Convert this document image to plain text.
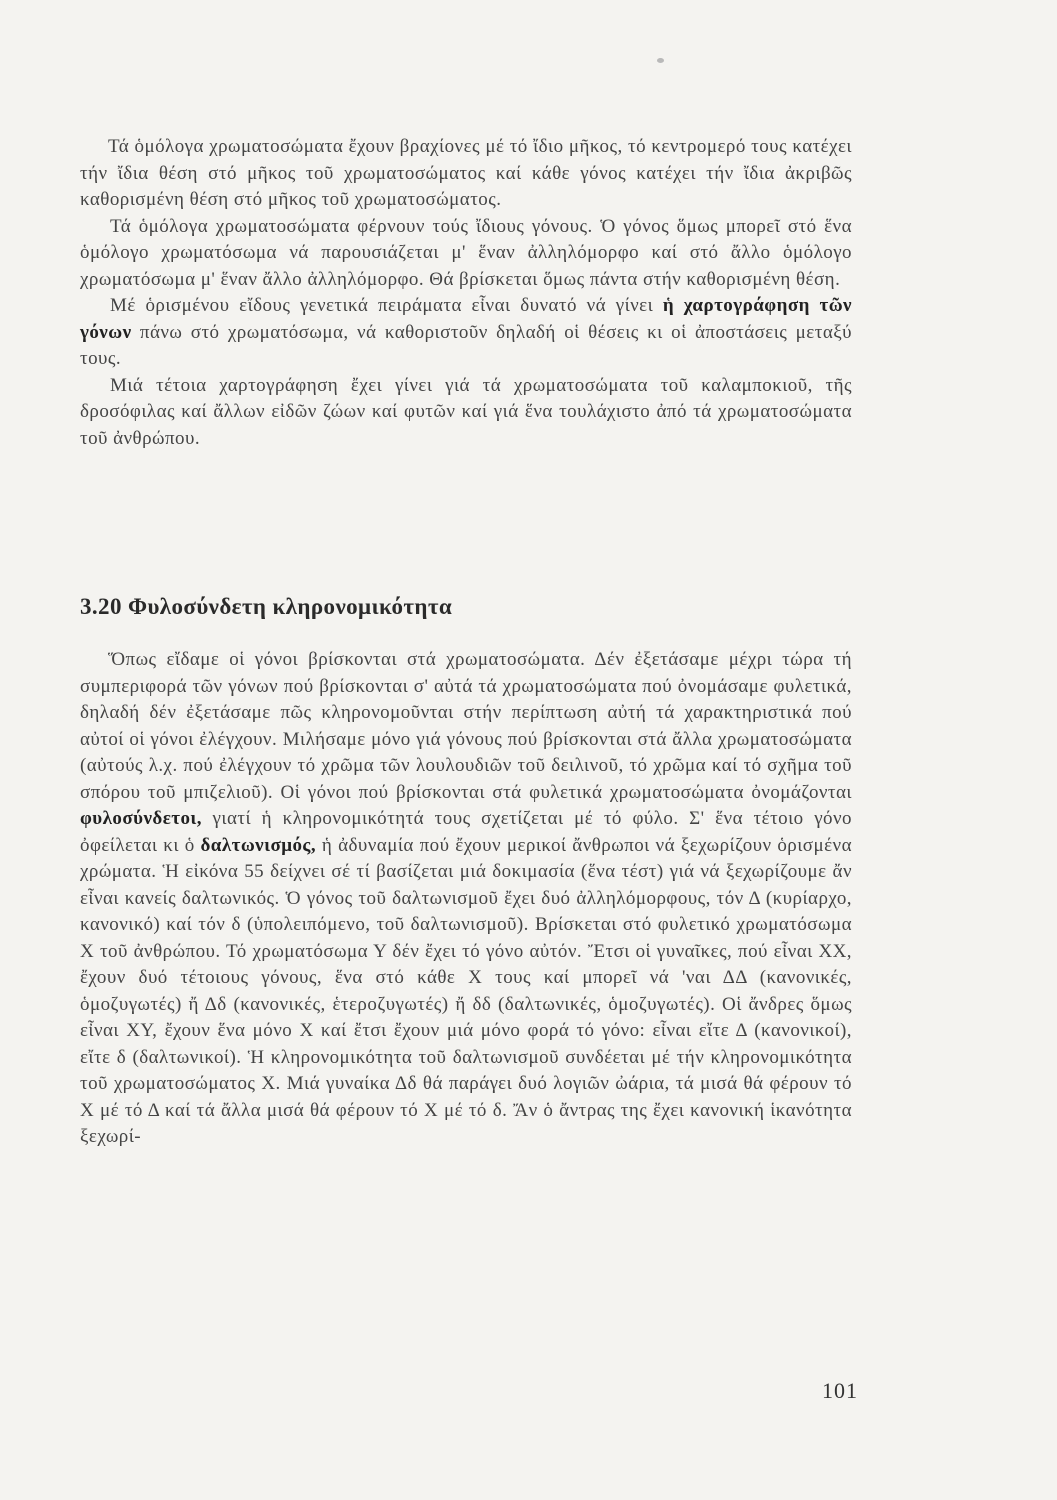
Τά ὁμόλογα χρωματοσώματα ἔχουν βραχίονες μέ τό ἴδιο μῆκος, τό κεντρομερό τους κατέχει τήν ἴδια θέση στό μῆκος τοῦ χρωματοσώματος καί κάθε γόνος κατέχει τήν ἴδια ἀκριβῶς καθορισμένη θέση στό μῆκος τοῦ χρωματοσώματος.

Τά ὁμόλογα χρωματοσώματα φέρνουν τούς ἴδιους γόνους. Ὁ γόνος ὅμως μπορεῖ στό ἕνα ὁμόλογο χρωματόσωμα νά παρουσιάζεται μ' ἕναν ἀλληλόμορφο καί στό ἄλλο ὁμόλογο χρωματόσωμα μ' ἕναν ἄλλο ἀλληλόμορφο. Θά βρίσκεται ὅμως πάντα στήν καθορισμένη θέση.

Μέ ὁρισμένου εἴδους γενετικά πειράματα εἶναι δυνατό νά γίνει ἡ χαρτογράφηση τῶν γόνων πάνω στό χρωματόσωμα, νά καθοριστοῦν δηλαδή οἱ θέσεις κι οἱ ἀποστάσεις μεταξύ τους.

Μιά τέτοια χαρτογράφηση ἔχει γίνει γιά τά χρωματοσώματα τοῦ καλαμποκιοῦ, τῆς δροσόφιλας καί ἄλλων εἰδῶν ζώων καί φυτῶν καί γιά ἕνα τουλάχιστο ἀπό τά χρωματοσώματα τοῦ ἀνθρώπου.

3.20 Φυλοσύνδετη κληρονομικότητα

Ὅπως εἴδαμε οἱ γόνοι βρίσκονται στά χρωματοσώματα. Δέν ἐξετάσαμε μέχρι τώρα τή συμπεριφορά τῶν γόνων πού βρίσκονται σ' αὐτά τά χρωματοσώματα πού ὀνομάσαμε φυλετικά, δηλαδή δέν ἐξετάσαμε πῶς κληρονομοῦνται στήν περίπτωση αὐτή τά χαρακτηριστικά πού αὐτοί οἱ γόνοι ἐλέγχουν. Μιλήσαμε μόνο γιά γόνους πού βρίσκονται στά ἄλλα χρωματοσώματα (αὐτούς λ.χ. πού ἐλέγχουν τό χρῶμα τῶν λουλουδιῶν τοῦ δειλινοῦ, τό χρῶμα καί τό σχῆμα τοῦ σπόρου τοῦ μπιζελιοῦ). Οἱ γόνοι πού βρίσκονται στά φυλετικά χρωματοσώματα ὀνομάζονται φυλοσύνδετοι, γιατί ἡ κληρονομικότητά τους σχετίζεται μέ τό φύλο. Σ' ἕνα τέτοιο γόνο ὀφείλεται κι ὁ δαλτωνισμός, ἡ ἀδυναμία πού ἔχουν μερικοί ἄνθρωποι νά ξεχωρίζουν ὁρισμένα χρώματα. Ἡ εἰκόνα 55 δείχνει σέ τί βασίζεται μιά δοκιμασία (ἕνα τέστ) γιά νά ξεχωρίζουμε ἄν εἶναι κανείς δαλτωνικός. Ὁ γόνος τοῦ δαλτωνισμοῦ ἔχει δυό ἀλληλόμορφους, τόν Δ (κυρίαρχο, κανονικό) καί τόν δ (ὑπολειπόμενο, τοῦ δαλτωνισμοῦ). Βρίσκεται στό φυλετικό χρωματόσωμα Χ τοῦ ἀνθρώπου. Τό χρωματόσωμα Υ δέν ἔχει τό γόνο αὐτόν. Ἔτσι οἱ γυναῖκες, πού εἶναι ΧΧ, ἔχουν δυό τέτοιους γόνους, ἕνα στό κάθε Χ τους καί μπορεῖ νά 'ναι ΔΔ (κανονικές, ὁμοζυγωτές) ἤ Δδ (κανονικές, ἑτεροζυγωτές) ἤ δδ (δαλτωνικές, ὁμοζυγωτές). Οἱ ἄνδρες ὅμως εἶναι ΧΥ, ἔχουν ἕνα μόνο Χ καί ἔτσι ἔχουν μιά μόνο φορά τό γόνο: εἶναι εἴτε Δ (κανονικοί), εἴτε δ (δαλτωνικοί). Ἡ κληρονομικότητα τοῦ δαλτωνισμοῦ συνδέεται μέ τήν κληρονομικότητα τοῦ χρωματοσώματος Χ. Μιά γυναίκα Δδ θά παράγει δυό λογιῶν ὠάρια, τά μισά θά φέρουν τό Χ μέ τό Δ καί τά ἄλλα μισά θά φέρουν τό Χ μέ τό δ. Ἄν ὁ ἄντρας της ἔχει κανονική ἱκανότητα ξεχωρί-

101
